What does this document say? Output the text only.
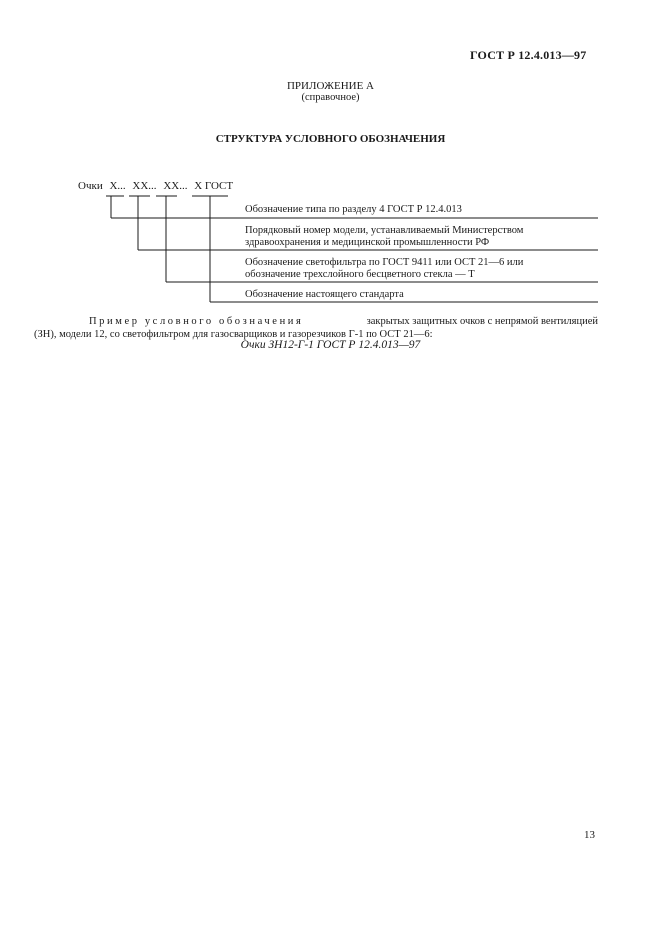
ГОСТ Р 12.4.013—97
ПРИЛОЖЕНИЕ А
(справочное)
СТРУКТУРА УСЛОВНОГО ОБОЗНАЧЕНИЯ
Очки Х... ХХ... ХХ... Х ГОСТ
Обозначение типа по разделу 4 ГОСТ Р 12.4.013
Порядковый номер модели, устанавливаемый Министерством
здравоохранения и медицинской промышленности РФ
Обозначение светофильтра по ГОСТ 9411 или ОСТ 21—6 или
обозначение трехслойного бесцветного стекла — Т
Обозначение настоящего стандарта
Пример условного обозначения	закрытых защитных очков с непрямой вентиляцией
(ЗН), модели 12, со светофильтром для газосварщиков и газорезчиков Г-1 по ОСТ 21—6:
Очки ЗН12-Г-1 ГОСТ Р 12.4.013—97
13
